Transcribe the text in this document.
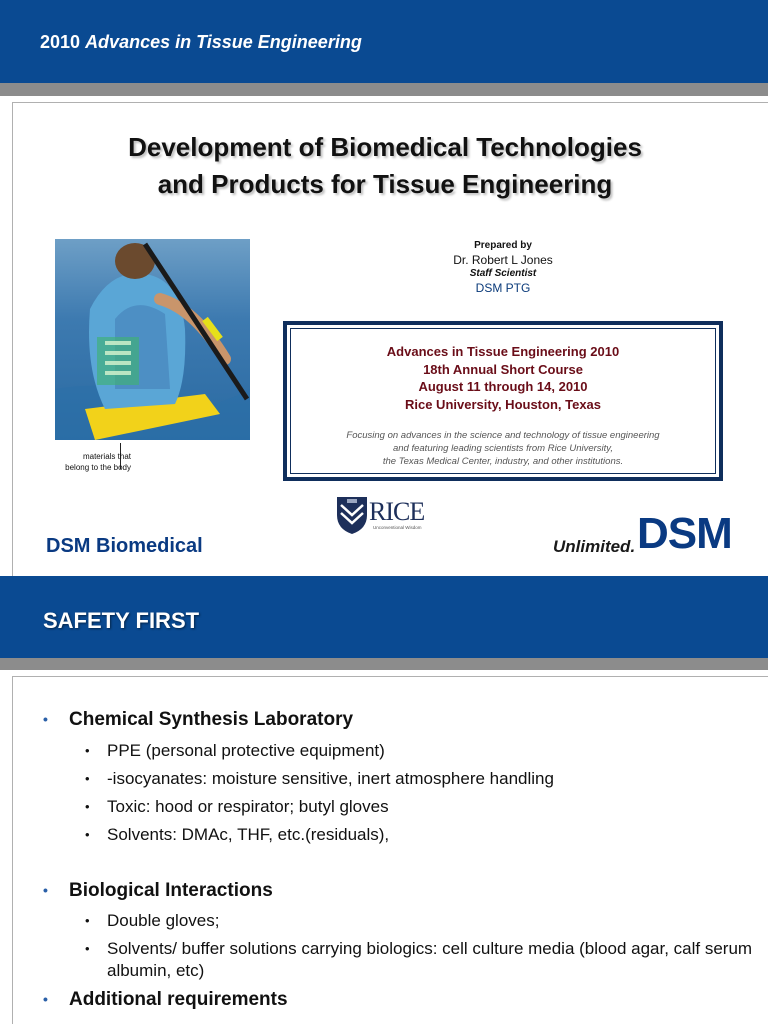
2010 Advances in Tissue Engineering
Development of Biomedical Technologies
and Products for Tissue Engineering
materials that
belong to the body
Prepared by
Dr. Robert L Jones
Staff Scientist
DSM PTG
Advances in Tissue Engineering 2010
18th Annual Short Course
August 11 through 14, 2010
Rice University, Houston, Texas
Focusing on advances in the science and technology of tissue engineering
and featuring leading scientists from Rice University,
the Texas Medical Center, industry, and other institutions.
RICE
Unconventional Wisdom
DSM Biomedical	Unlimited. DSM
SAFETY FIRST
• Chemical Synthesis Laboratory
• PPE (personal protective equipment)
• -isocyanates: moisture sensitive, inert atmosphere handling
• Toxic: hood or respirator; butyl gloves
• Solvents: DMAc, THF, etc.(residuals),
• Biological Interactions
• Double gloves;
• Solvents/ buffer solutions carrying biologics: cell culture media (blood agar, calf serum albumin, etc)
• Additional requirements
